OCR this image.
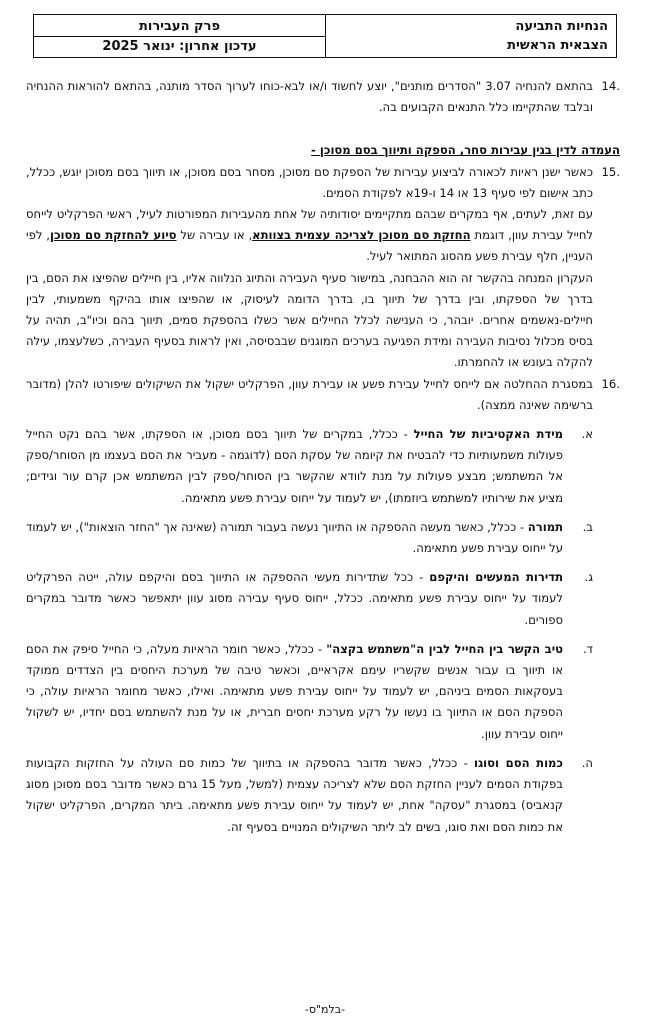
הנחיות התביעה
הצבאית הראשית
פרק העבירות
עדכון אחרון: ינואר 2025
.14
בהתאם להנחיה 3.07 "הסדרים מותנים", יוצע לחשוד ו/או לבא-כוחו לערוך הסדר מותנה, בהתאם להוראות ההנחיה ובלבד שהתקיימו כלל התנאים הקבועים בה.

העמדה לדין בגין עבירות סחר, הספקה ותיווך בסם מסוכן -

.15
כאשר ישנן ראיות לכאורה לביצוע עבירות של הספקת סם מסוכן, מסחר בסם מסוכן, או תיווך בסם מסוכן יוגש, ככלל, כתב אישום לפי סעיף 13 או 14 ו-19א לפקודת הסמים.

עם זאת, לעתים, אף במקרים שבהם מתקיימים יסודותיה של אחת מהעבירות המפורטות לעיל, ראשי הפרקליט לייחס לחייל עבירת עוון, דוגמת החזקת סם מסוכן לצריכה עצמית בצוותא, או עבירה של סיוע להחזקת סם מסוכן, לפי העניין, חלף עבירת פשע מהסוג המתואר לעיל.

העקרון המנחה בהקשר זה הוא ההבחנה, במישור סעיף העבירה והתיוג הנלווה אליו, בין חיילים שהפיצו את הסם, בין בדרך של הספקתו, ובין בדרך של תיווך בו, בדרך הדומה לעיסוק, או שהפיצו אותו בהיקף משמעותי, לבין חיילים-נאשמים אחרים. יובהר, כי הענישה לכלל החיילים אשר כשלו בהספקת סמים, תיווך בהם וכיו"ב, תהיה על בסיס מכלול נסיבות העבירה ומידת הפגיעה בערכים המוגנים שבבסיסה, ואין לראות בסעיף העבירה, כשלעצמו, עילה להקלה בעונש או להחמרתו.

.16
במסגרת ההחלטה אם לייחס לחייל עבירת פשע או עבירת עוון, הפרקליט ישקול את השיקולים שיפורטו להלן (מדובר ברשימה שאינה ממצה).
א.
מידת האקטיביות של החייל - ככלל, במקרים של תיווך בסם מסוכן, או הספקתו, אשר בהם נקט החייל פעולות משמעותיות כדי להבטיח את קיומה של עסקת הסם (לדוגמה - מעביר את הסם בעצמו מן הסוחר/ספק אל המשתמש; מבצע פעולות על מנת לוודא שהקשר בין הסוחר/ספק לבין המשתמש אכן קרם עור וגידים; מציע את שירותיו למשתמש ביוזמתו), יש לעמוד על ייחוס עבירת פשע מתאימה.
ב.
תמורה - ככלל, כאשר מעשה ההספקה או התיווך נעשה בעבור תמורה (שאינה אך "החזר הוצאות"), יש לעמוד על ייחוס עבירת פשע מתאימה.
ג.
תדירות המעשים והיקפם - ככל שתדירות מעשי ההספקה או התיווך בסם והיקפם עולה, ייטה הפרקליט לעמוד על ייחוס עבירת פשע מתאימה. ככלל, ייחוס סעיף עבירה מסוג עוון יתאפשר כאשר מדובר במקרים ספורים.
ד.
טיב הקשר בין החייל לבין ה"משתמש בקצה" - ככלל, כאשר חומר הראיות מעלה, כי החייל סיפק את הסם או תיווך בו עבור אנשים שקשריו עימם אקראיים, וכאשר טיבה של מערכת היחסים בין הצדדים ממוקד בעסקאות הסמים ביניהם, יש לעמוד על ייחוס עבירת פשע מתאימה. ואילו, כאשר מחומר הראיות עולה, כי הספקת הסם או התיווך בו נעשו על רקע מערכת יחסים חברית, או על מנת להשתמש בסם יחדיו, יש לשקול ייחוס עבירת עוון.
ה.
כמות הסם וסוגו - ככלל, כאשר מדובר בהספקה או בתיווך של כמות סם העולה על החזקות הקבועות בפקודת הסמים לעניין החזקת הסם שלא לצריכה עצמית (למשל, מעל 15 גרם כאשר מדובר בסם מסוכן מסוג קנאביס) במסגרת "עסקה" אחת, יש לעמוד על ייחוס עבירת פשע מתאימה. ביתר המקרים, הפרקליט ישקול את כמות הסם ואת סוגו, בשים לב ליתר השיקולים המנויים בסעיף זה.
-בלמ"ס-
